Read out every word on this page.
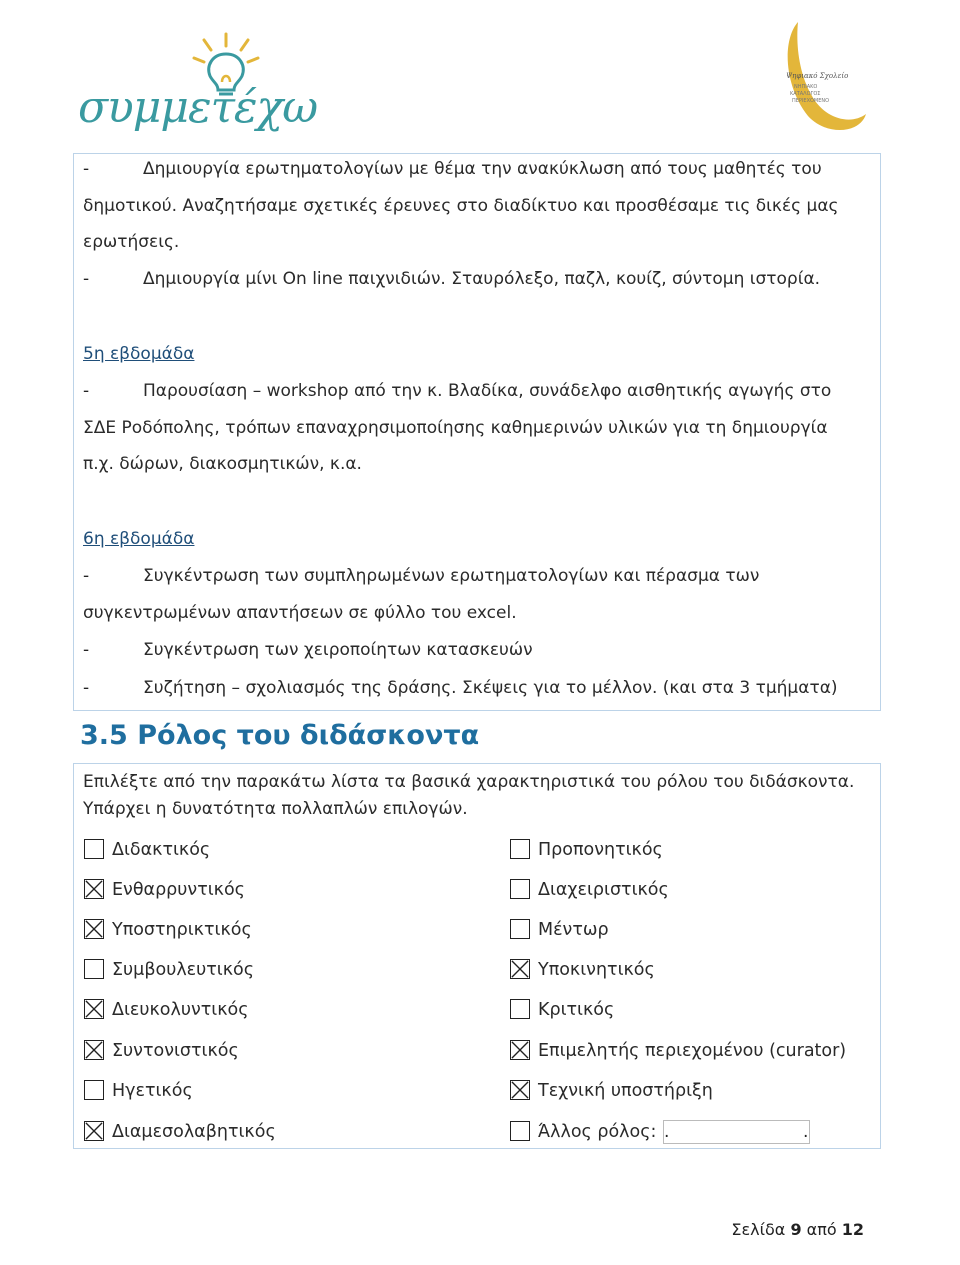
συμμετέχω
Ψηφιακό Σχολείο
ΝΗΠΙΑΚΟ
ΚΑΤΑΛΟΓΟΣ
ΠΕΡΙΕΧΟΜΕΝΟ
-	Δημιουργία ερωτηματολογίων με θέμα την ανακύκλωση από τους μαθητές του
δημοτικού. Αναζητήσαμε σχετικές έρευνες στο διαδίκτυο και προσθέσαμε τις δικές μας
ερωτήσεις.
-	Δημιουργία μίνι On line παιχνιδιών. Σταυρόλεξο, παζλ, κουίζ, σύντομη ιστορία.
5η εβδομάδα
-	Παρουσίαση – workshop από την κ. Βλαδίκα, συνάδελφο αισθητικής αγωγής στο
ΣΔΕ Ροδόπολης, τρόπων επαναχρησιμοποίησης καθημερινών υλικών για τη δημιουργία
π.χ. δώρων, διακοσμητικών, κ.α.
6η εβδομάδα
-	Συγκέντρωση των συμπληρωμένων ερωτηματολογίων και πέρασμα των
συγκεντρωμένων απαντήσεων σε φύλλο του excel.
-	Συγκέντρωση των χειροποίητων κατασκευών
-	Συζήτηση – σχολιασμός της δράσης. Σκέψεις για το μέλλον. (και στα 3 τμήματα)
3.5 Ρόλος του διδάσκοντα
Επιλέξτε από την παρακάτω λίστα τα βασικά χαρακτηριστικά του ρόλου του διδάσκοντα.
Υπάρχει η δυνατότητα πολλαπλών επιλογών.
Διδακτικός
Ενθαρρυντικός
Υποστηρικτικός
Συμβουλευτικός
Διευκολυντικός
Συντονιστικός
Ηγετικός
Διαμεσολαβητικός
Προπονητικός
Διαχειριστικός
Μέντωρ
Υποκινητικός
Κριτικός
Επιμελητής περιεχομένου (curator)
Τεχνική υποστήριξη
Άλλος ρόλος: .	.
Σελίδα 9 από 12
